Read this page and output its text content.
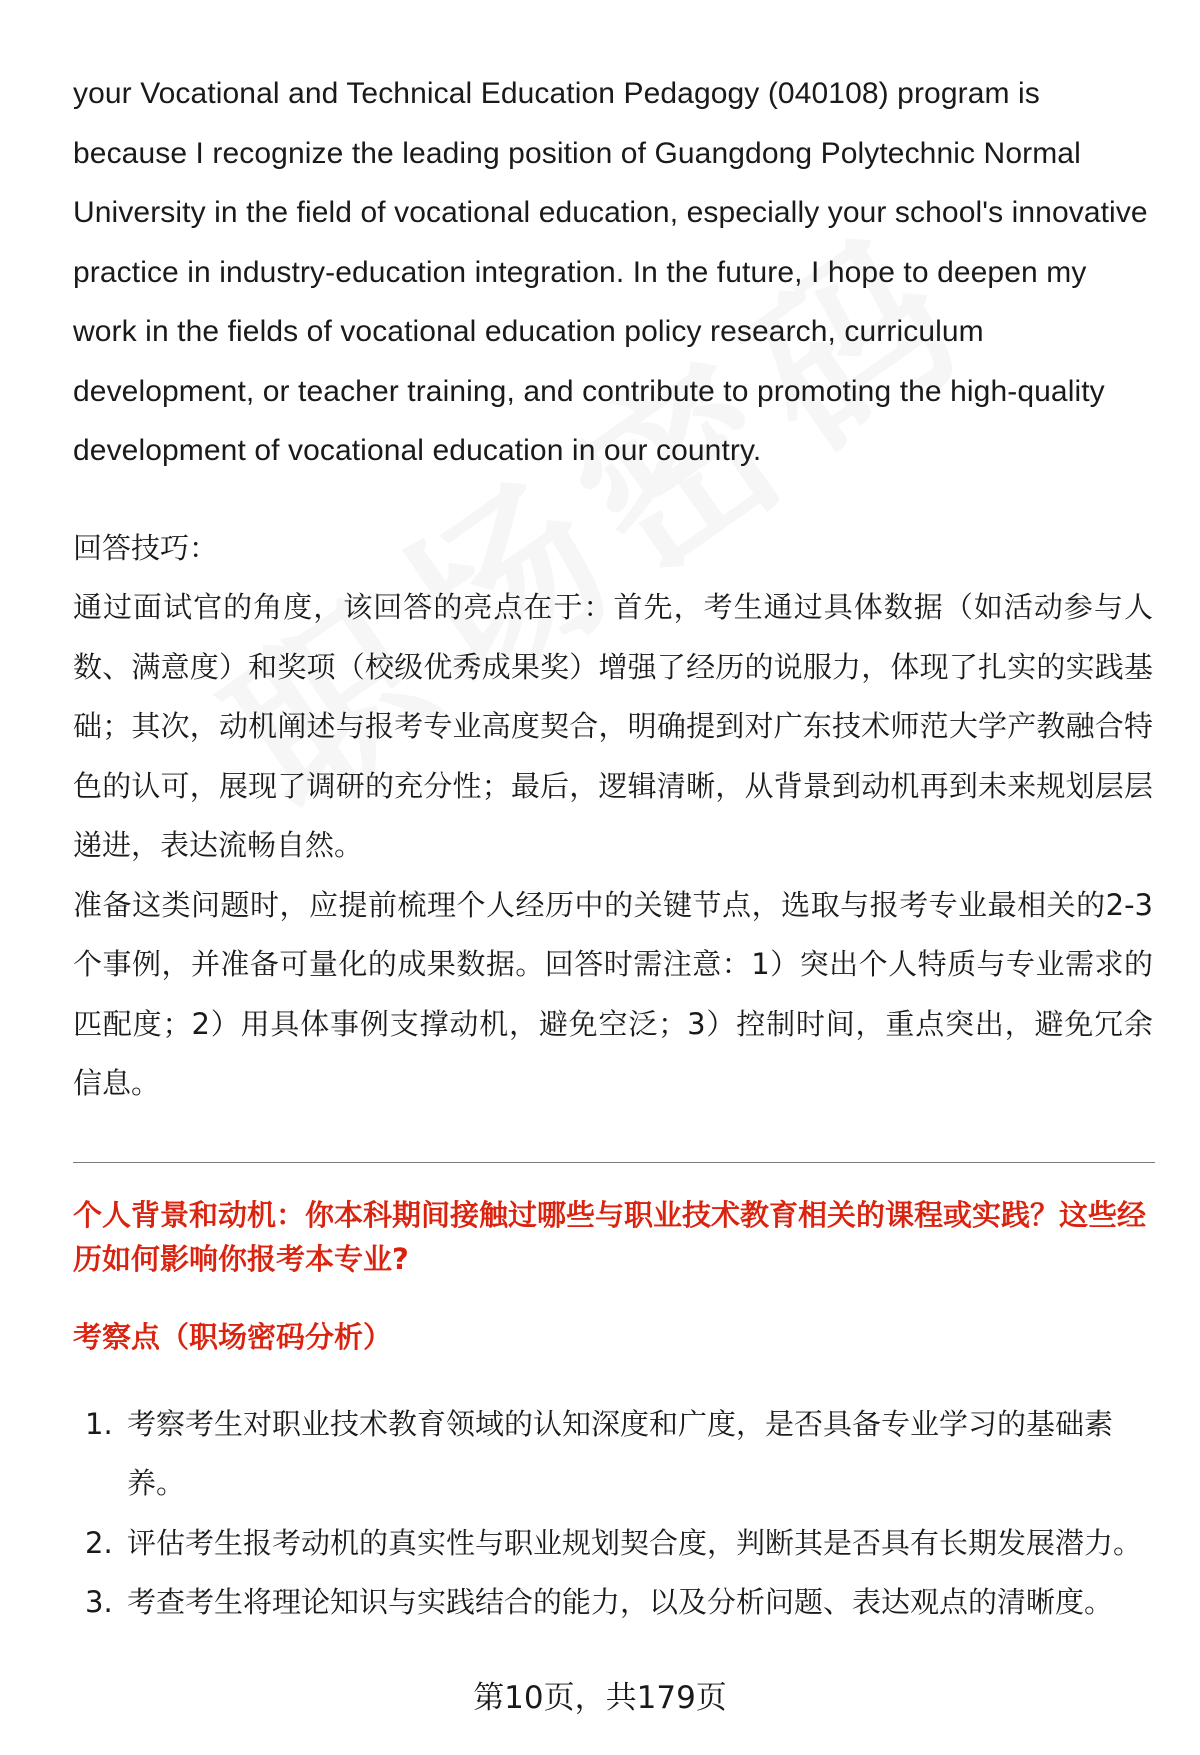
your Vocational and Technical Education Pedagogy (040108) program is because I recognize the leading position of Guangdong Polytechnic Normal University in the field of vocational education, especially your school's innovative practice in industry-education integration. In the future, I hope to deepen my work in the fields of vocational education policy research, curriculum development, or teacher training, and contribute to promoting the high-quality development of vocational education in our country.

回答技巧：

通过面试官的角度，该回答的亮点在于：首先，考生通过具体数据（如活动参与人数、满意度）和奖项（校级优秀成果奖）增强了经历的说服力，体现了扎实的实践基础；其次，动机阐述与报考专业高度契合，明确提到对广东技术师范大学产教融合特色的认可，展现了调研的充分性；最后，逻辑清晰，从背景到动机再到未来规划层层递进，表达流畅自然。

准备这类问题时，应提前梳理个人经历中的关键节点，选取与报考专业最相关的2-3个事例，并准备可量化的成果数据。回答时需注意：1）突出个人特质与专业需求的匹配度；2）用具体事例支撑动机，避免空泛；3）控制时间，重点突出，避免冗余信息。

个人背景和动机：你本科期间接触过哪些与职业技术教育相关的课程或实践？这些经历如何影响你报考本专业?

考察点（职场密码分析）

1. 考察考生对职业技术教育领域的认知深度和广度，是否具备专业学习的基础素养。
2. 评估考生报考动机的真实性与职业规划契合度，判断其是否具有长期发展潜力。
3. 考查考生将理论知识与实践结合的能力，以及分析问题、表达观点的清晰度。
第10页，共179页
